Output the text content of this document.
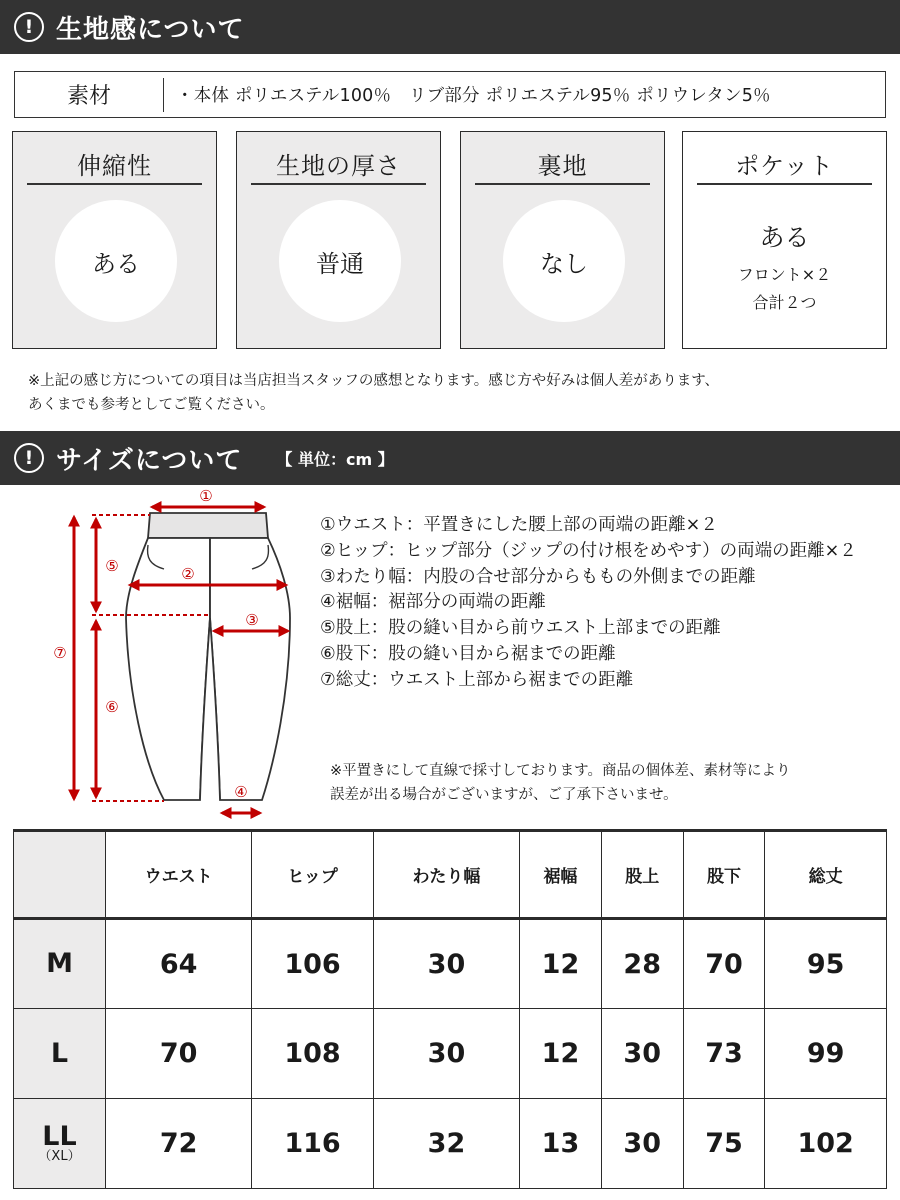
! 生地感について
素材	・本体 ポリエステル100％　リブ部分 ポリエステル95％ ポリウレタン5％
伸縮性
ある
生地の厚さ
普通
裏地
なし
ポケット
ある
フロント×２
合計２つ
※上記の感じ方についての項目は当店担当スタッフの感想となります。感じ方や好みは個人差があります、
あくまでも参考としてご覧ください。
! サイズについて 【 単位：cm 】
①
②
③
④
⑤
⑥
⑦
①ウエスト：平置きにした腰上部の両端の距離×２
②ヒップ：ヒップ部分（ジップの付け根をめやす）の両端の距離×２
③わたり幅：内股の合せ部分からももの外側までの距離
④裾幅：裾部分の両端の距離
⑤股上：股の縫い目から前ウエスト上部までの距離
⑥股下：股の縫い目から裾までの距離
⑦総丈：ウエスト上部から裾までの距離
※平置きにして直線で採寸しております。商品の個体差、素材等により
誤差が出る場合がございますが、ご了承下さいませ。
	ウエスト	ヒップ	わたり幅	裾幅	股上	股下	総丈

M	64	106	30	12	28	70	95

L	70	108	30	12	30	73	99

LL
（XL）	72	116	32	13	30	75	102
